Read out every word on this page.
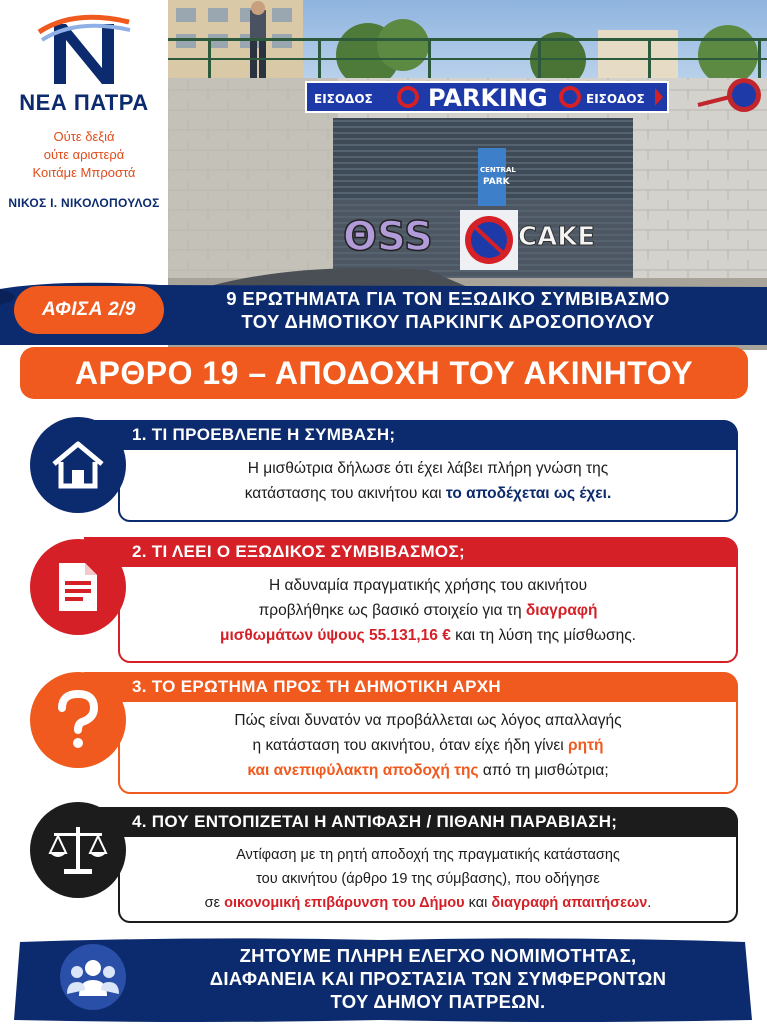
ΘSS	CAKE
ΕΙΣΟΔΟΣ PARKING	ΕΙΣΟΔΟΣ
CENTRAL
PARK
ΝΕΑ ΠΑΤΡΑ
Ούτε δεξιά
ούτε αριστερά
Κοιτάμε Μπροστά
ΝΙΚΟΣ Ι. ΝΙΚΟΛΟΠΟΥΛΟΣ
ΑΦΙΣΑ 2/9
9 ΕΡΩΤΗΜΑΤΑ ΓΙΑ ΤΟΝ ΕΞΩΔΙΚΟ ΣΥΜΒΙΒΑΣΜΟ
ΤΟΥ ΔΗΜΟΤΙΚΟΥ ΠΑΡΚΙΝΓΚ ΔΡΟΣΟΠΟΥΛΟΥ
ΑΡΘΡΟ 19 – ΑΠΟΔΟΧΗ ΤΟΥ ΑΚΙΝΗΤΟΥ
1. ΤΙ ΠΡΟΕΒΛΕΠΕ Η ΣΥΜΒΑΣΗ;
Η μισθώτρια δήλωσε ότι έχει λάβει πλήρη γνώση της
κατάστασης του ακινήτου και το αποδέχεται ως έχει.
2. ΤΙ ΛΕΕΙ Ο ΕΞΩΔΙΚΟΣ ΣΥΜΒΙΒΑΣΜΟΣ;
Η αδυναμία πραγματικής χρήσης του ακινήτου
προβλήθηκε ως βασικό στοιχείο για τη διαγραφή
μισθωμάτων ύψους 55.131,16 € και τη λύση της μίσθωσης.
3. ΤΟ ΕΡΩΤΗΜΑ ΠΡΟΣ ΤΗ ΔΗΜΟΤΙΚΗ ΑΡΧΗ
Πώς είναι δυνατόν να προβάλλεται ως λόγος απαλλαγής
η κατάσταση του ακινήτου, όταν είχε ήδη γίνει ρητή
και ανεπιφύλακτη αποδοχή της από τη μισθώτρια;
4. ΠΟΥ ΕΝΤΟΠΙΖΕΤΑΙ Η ΑΝΤΙΦΑΣΗ / ΠΙΘΑΝΗ ΠΑΡΑΒΙΑΣΗ;
Αντίφαση με τη ρητή αποδοχή της πραγματικής κατάστασης
του ακινήτου (άρθρο 19 της σύμβασης), που οδήγησε
σε οικονομική επιβάρυνση του Δήμου και διαγραφή απαιτήσεων.
ΖΗΤΟΥΜΕ ΠΛΗΡΗ ΕΛΕΓΧΟ ΝΟΜΙΜΟΤΗΤΑΣ,
ΔΙΑΦΑΝΕΙΑ ΚΑΙ ΠΡΟΣΤΑΣΙΑ ΤΩΝ ΣΥΜΦΕΡΟΝΤΩΝ
ΤΟΥ ΔΗΜΟΥ ΠΑΤΡΕΩΝ.
